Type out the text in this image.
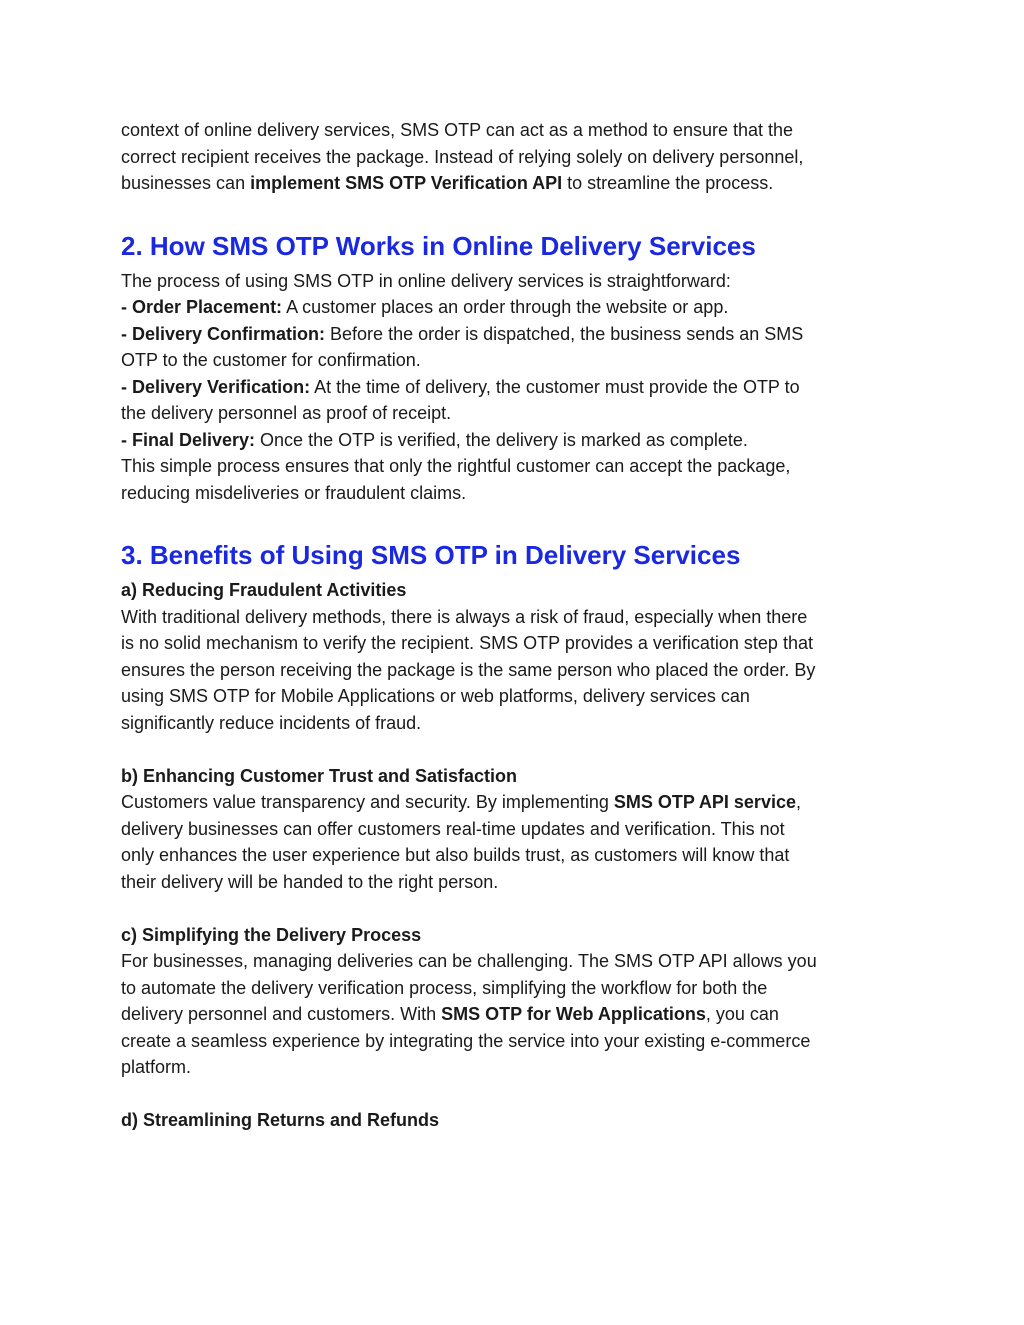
context of online delivery services, SMS OTP can act as a method to ensure that the
correct recipient receives the package. Instead of relying solely on delivery personnel,
businesses can implement SMS OTP Verification API to streamline the process.

2. How SMS OTP Works in Online Delivery Services

The process of using SMS OTP in online delivery services is straightforward:
- Order Placement: A customer places an order through the website or app.
- Delivery Confirmation: Before the order is dispatched, the business sends an SMS
OTP to the customer for confirmation.
- Delivery Verification: At the time of delivery, the customer must provide the OTP to
the delivery personnel as proof of receipt.
- Final Delivery: Once the OTP is verified, the delivery is marked as complete.
This simple process ensures that only the rightful customer can accept the package,
reducing misdeliveries or fraudulent claims.

3. Benefits of Using SMS OTP in Delivery Services

a) Reducing Fraudulent Activities
With traditional delivery methods, there is always a risk of fraud, especially when there
is no solid mechanism to verify the recipient. SMS OTP provides a verification step that
ensures the person receiving the package is the same person who placed the order. By
using SMS OTP for Mobile Applications or web platforms, delivery services can
significantly reduce incidents of fraud.
b) Enhancing Customer Trust and Satisfaction
Customers value transparency and security. By implementing SMS OTP API service,
delivery businesses can offer customers real-time updates and verification. This not
only enhances the user experience but also builds trust, as customers will know that
their delivery will be handed to the right person.
c) Simplifying the Delivery Process
For businesses, managing deliveries can be challenging. The SMS OTP API allows you
to automate the delivery verification process, simplifying the workflow for both the
delivery personnel and customers. With SMS OTP for Web Applications, you can
create a seamless experience by integrating the service into your existing e-commerce
platform.
d) Streamlining Returns and Refunds
